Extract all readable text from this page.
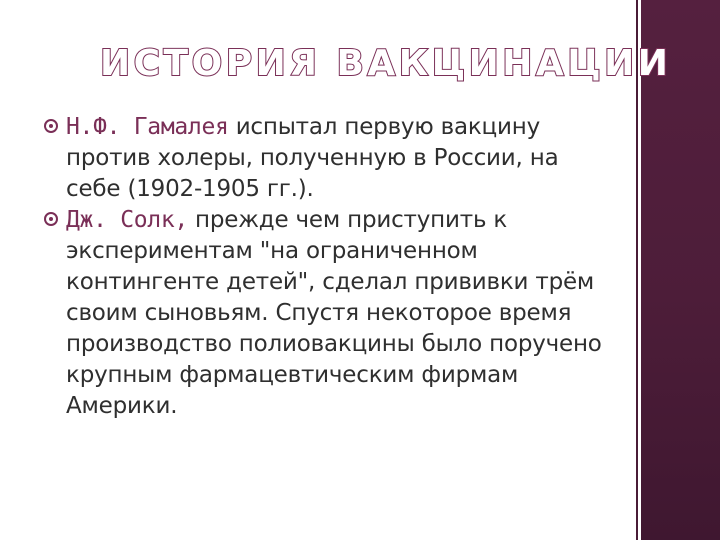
ИСТОРИЯ ВАКЦИНАЦИИ
Н.Ф. Гамалея испытал первую вакцину против холеры, полученную в России, на себе (1902-1905 гг.).
Дж. Солк, прежде чем приступить к экспериментам "на ограниченном контингенте детей", сделал прививки трём своим сыновьям. Спустя некоторое время производство полиовакцины было поручено крупным фармацевтическим фирмам Америки.
